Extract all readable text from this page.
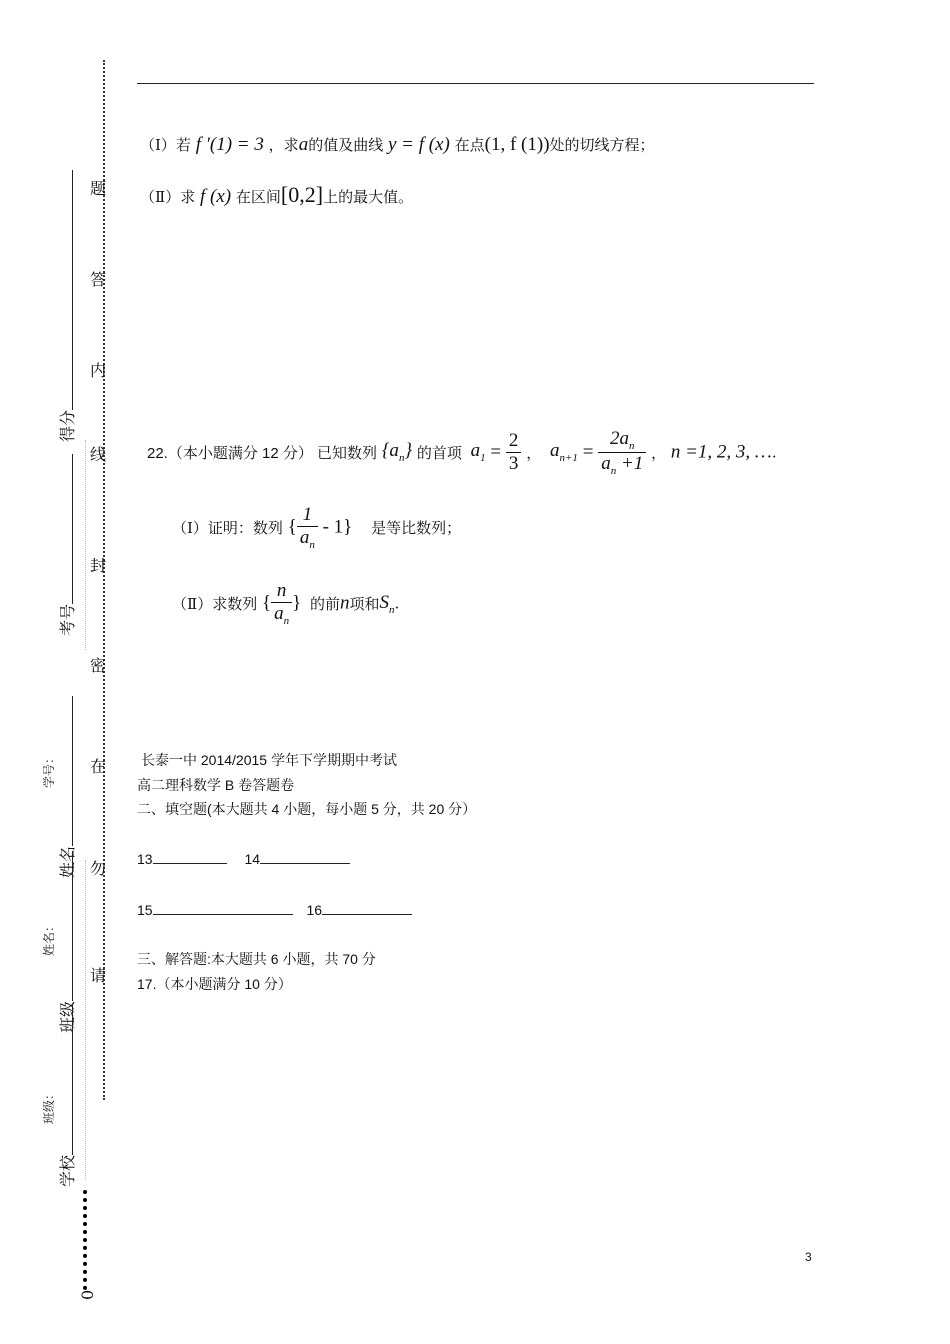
题
答
内
线
封
密
在
勿
请
得分
考号
学号：
姓名
姓名：
班级
班级：
学校
0
（Ⅰ）若 f ′(1) = 3 ，求a的值及曲线 y = f (x) 在点(1, f (1))处的切线方程；
（Ⅱ）求 f (x) 在区间[0,2]上的最大值。
22.（本小题满分 12 分） 已知数列 $\{a_n\}$ 的首项 $a_1 = \frac{2}{3}$ ， $a_{n+1} = \frac{2a_n}{a_n +1}$ ， n =1, 2, 3, ….
（Ⅰ）证明：数列 { $\frac{1}{a_n} - 1$} 是等比数列；
（Ⅱ）求数列 { $\frac{n}{a_n}$ } 的前n项和$S_n$.
长泰一中 2014/2015 学年下学期期中考试
高二理科数学 B 卷答题卷
二、填空题(本大题共 4 小题，每小题 5 分，共 20 分）
13	14
15	16
三、解答题:本大题共 6 小题，共 70 分
17.（本小题满分 10 分）
3
